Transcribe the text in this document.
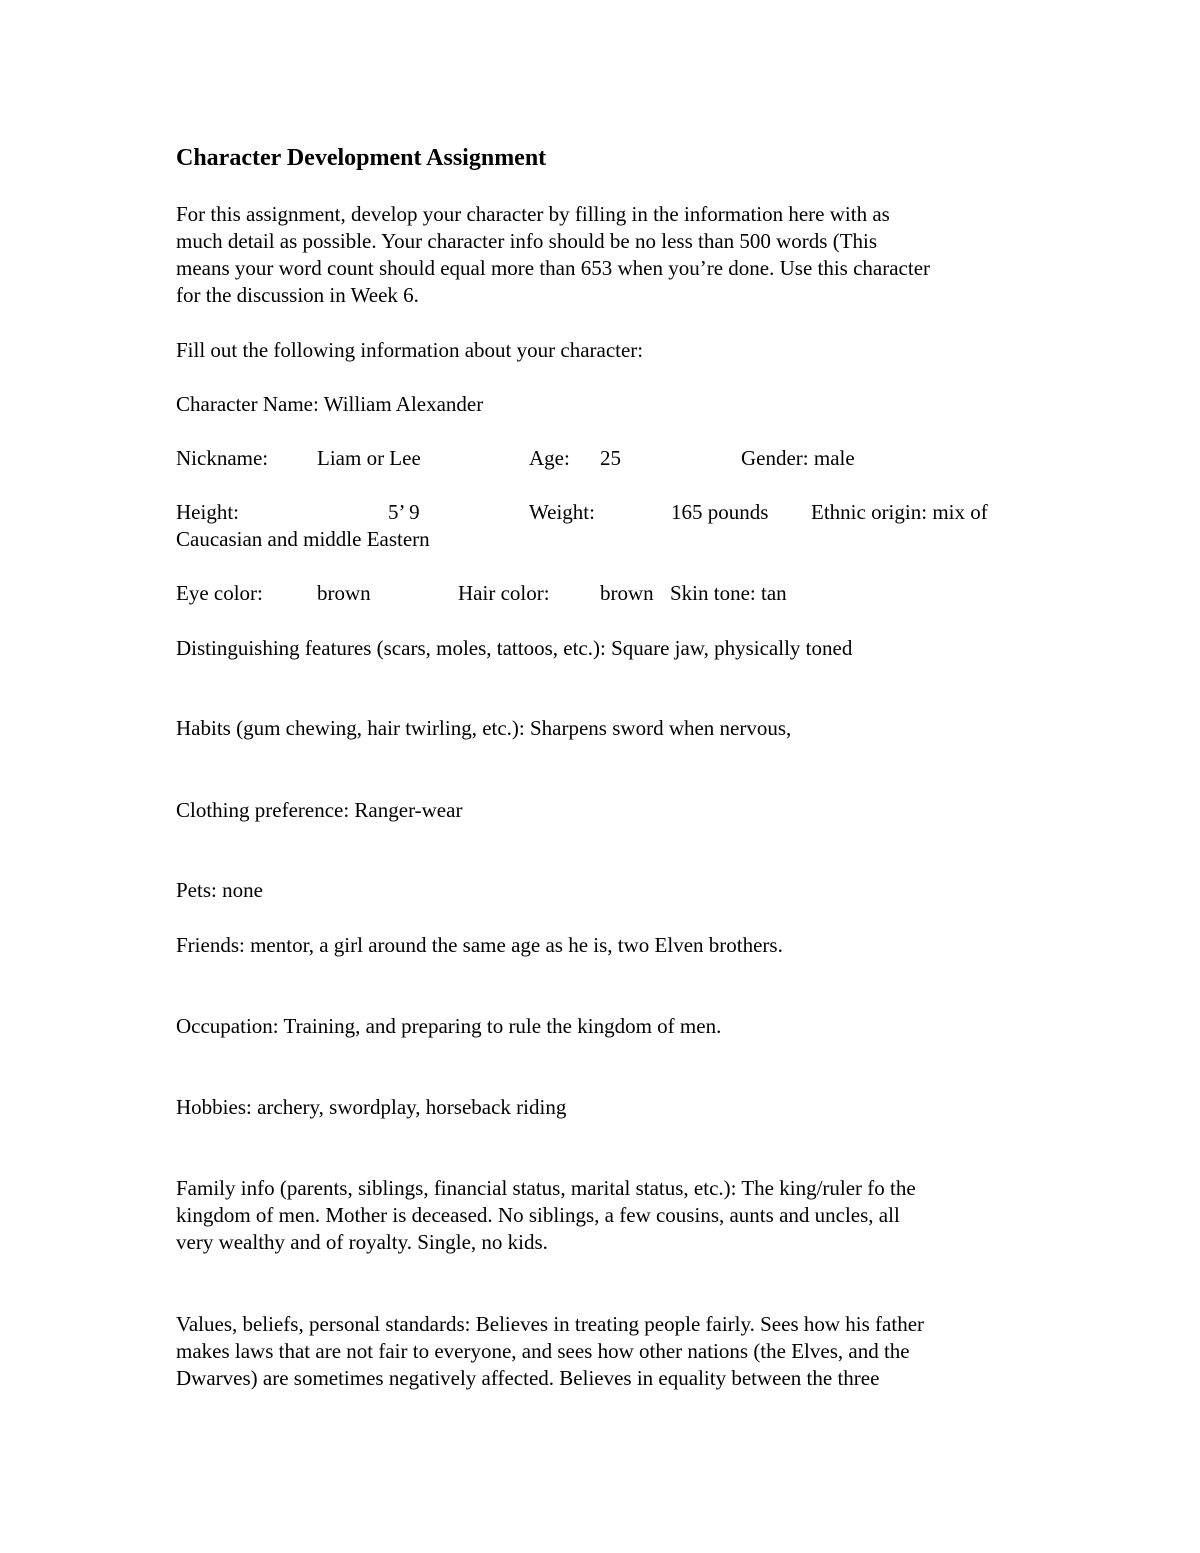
Character Development Assignment
For this assignment, develop your character by filling in the information here with as
much detail as possible. Your character info should be no less than 500 words (This
means your word count should equal more than 653 when you’re done. Use this character
for the discussion in Week 6.
Fill out the following information about your character:
Character Name: William Alexander
Nickname: Liam or Lee	Age: 25	Gender: male
Height:	5’ 9	Weight:	165 pounds Ethnic origin: mix of
Caucasian and middle Eastern
Eye color:	brown	Hair color: brown Skin tone: tan
Distinguishing features (scars, moles, tattoos, etc.): Square jaw, physically toned
Habits (gum chewing, hair twirling, etc.): Sharpens sword when nervous,
Clothing preference: Ranger-wear
Pets: none
Friends: mentor, a girl around the same age as he is, two Elven brothers.
Occupation: Training, and preparing to rule the kingdom of men.
Hobbies: archery, swordplay, horseback riding
Family info (parents, siblings, financial status, marital status, etc.): The king/ruler fo the
kingdom of men. Mother is deceased. No siblings, a few cousins, aunts and uncles, all
very wealthy and of royalty. Single, no kids.
Values, beliefs, personal standards: Believes in treating people fairly. Sees how his father
makes laws that are not fair to everyone, and sees how other nations (the Elves, and the
Dwarves) are sometimes negatively affected. Believes in equality between the three
